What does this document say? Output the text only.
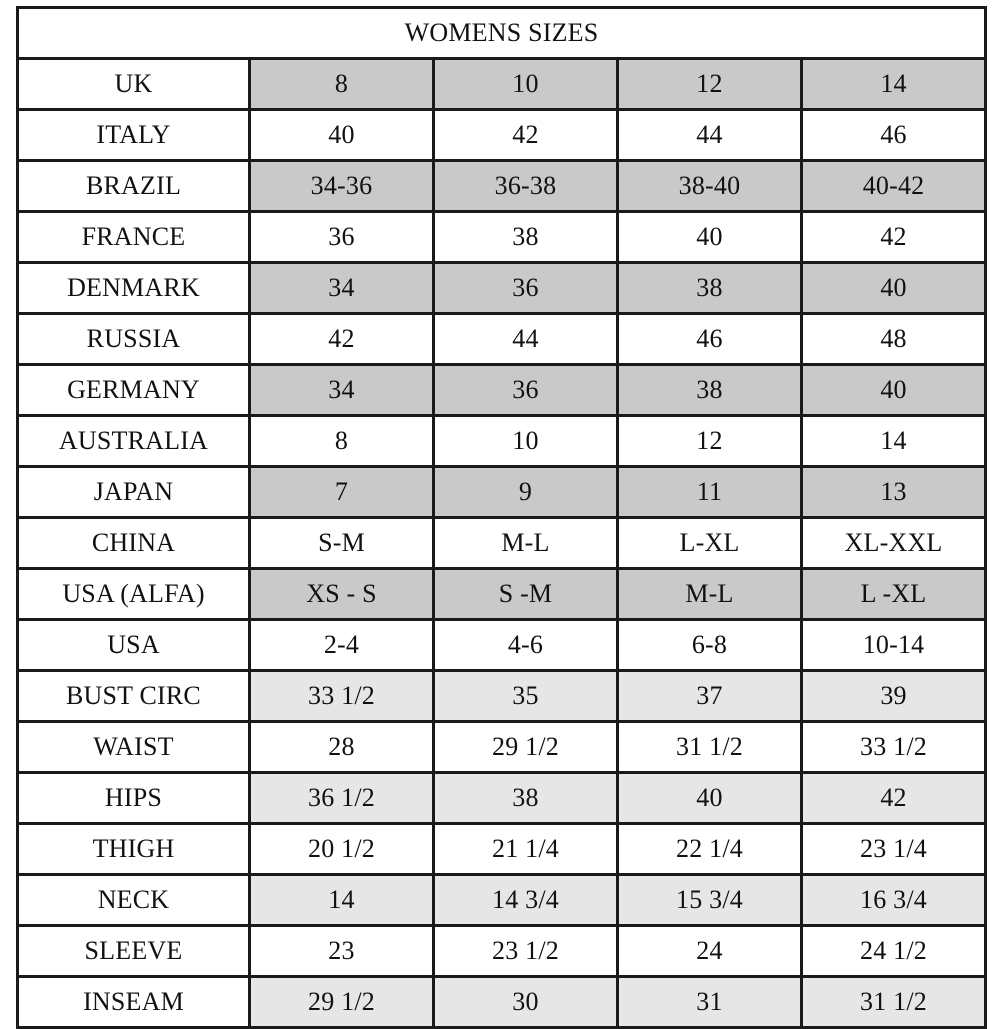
WOMENS SIZES				
UK	8	10	12	14
ITALY	40	42	44	46
BRAZIL	34-36	36-38	38-40	40-42
FRANCE	36	38	40	42
DENMARK	34	36	38	40
RUSSIA	42	44	46	48
GERMANY	34	36	38	40
AUSTRALIA	8	10	12	14
JAPAN	7	9	11	13
CHINA	S-M	M-L	L-XL	XL-XXL
USA (ALFA)	XS - S	S -M	M-L	L -XL
USA	2-4	4-6	6-8	10-14
BUST CIRC	33 1/2	35	37	39
WAIST	28	29 1/2	31 1/2	33 1/2
HIPS	36 1/2	38	40	42
THIGH	20 1/2	21 1/4	22 1/4	23 1/4
NECK	14	14 3/4	15 3/4	16 3/4
SLEEVE	23	23 1/2	24	24 1/2
INSEAM	29 1/2	30	31	31 1/2
